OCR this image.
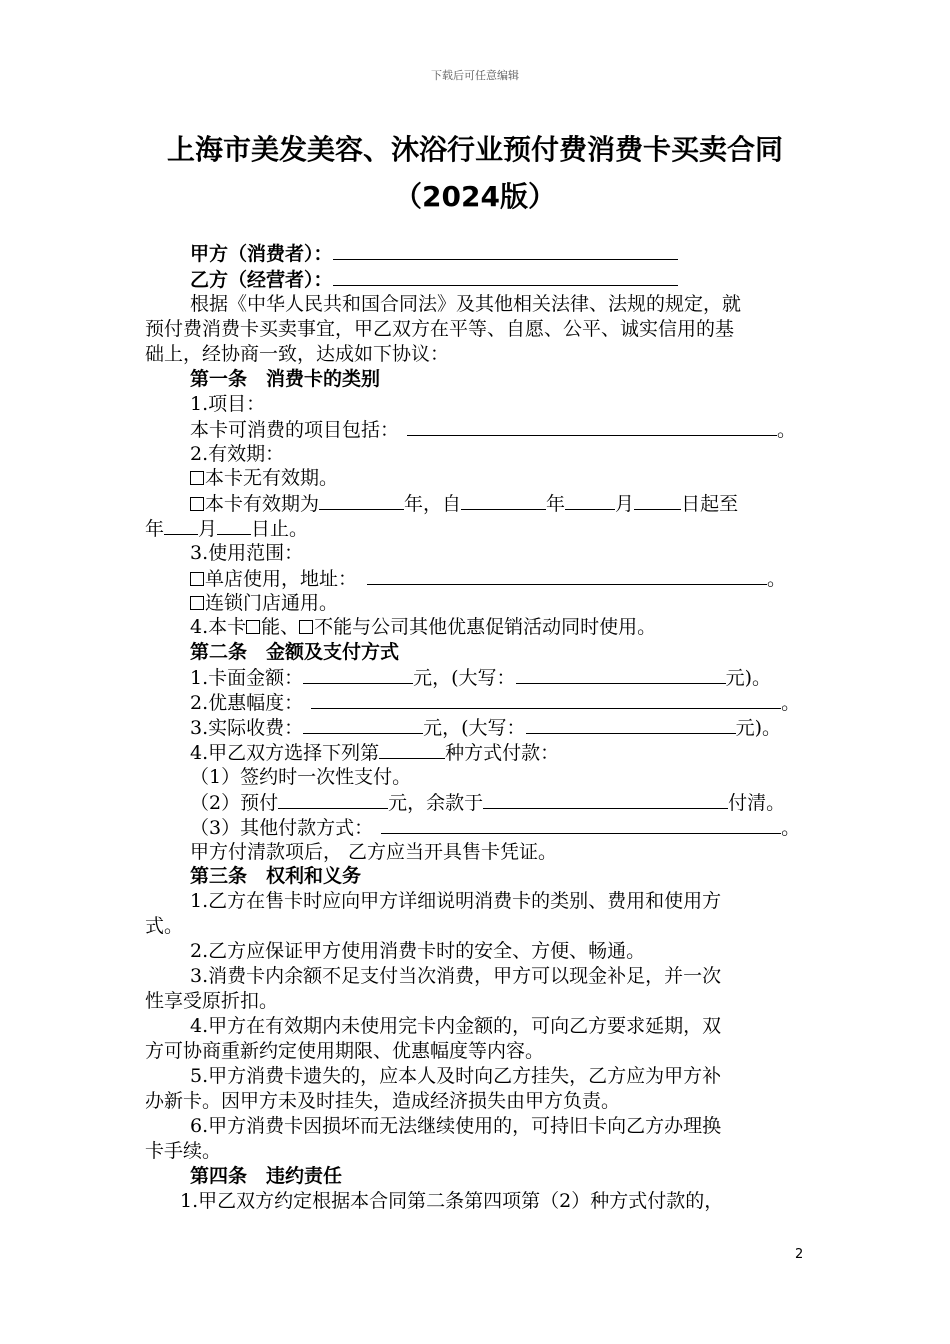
下载后可任意编辑
上海市美发美容、沐浴行业预付费消费卡买卖合同
（2024版）
甲方（消费者）：
乙方（经营者）：
根据《中华人民共和国合同法》及其他相关法律、法规的规定，就
预付费消费卡买卖事宜，甲乙双方在平等、自愿、公平、诚实信用的基
础上，经协商一致，达成如下协议：
第一条　消费卡的类别
1.项目：
本卡可消费的项目包括：	。
2.有效期：
本卡无有效期。
本卡有效期为	年，自	年	月 日起至
年 月 日止。
3.使用范围：
单店使用，地址：	。
连锁门店通用。
4.本卡 能、 不能与公司其他优惠促销活动同时使用。
第二条　金额及支付方式
1.卡面金额：	元，(大写：	元)。
2.优惠幅度：	。
3.实际收费：	元，(大写：	元)。
4.甲乙双方选择下列第	种方式付款：
（1）签约时一次性支付。
（2）预付	元，余款于	付清。
（3）其他付款方式：	。
甲方付清款项后， 乙方应当开具售卡凭证。
第三条　权利和义务
1.乙方在售卡时应向甲方详细说明消费卡的类别、费用和使用方
式。
2.乙方应保证甲方使用消费卡时的安全、方便、畅通。
3.消费卡内余额不足支付当次消费，甲方可以现金补足，并一次
性享受原折扣。
4.甲方在有效期内未使用完卡内金额的，可向乙方要求延期，双
方可协商重新约定使用期限、优惠幅度等内容。
5.甲方消费卡遗失的，应本人及时向乙方挂失，乙方应为甲方补
办新卡。因甲方未及时挂失，造成经济损失由甲方负责。
6.甲方消费卡因损坏而无法继续使用的，可持旧卡向乙方办理换
卡手续。
第四条　违约责任
1.甲乙双方约定根据本合同第二条第四项第（2）种方式付款的，
2
